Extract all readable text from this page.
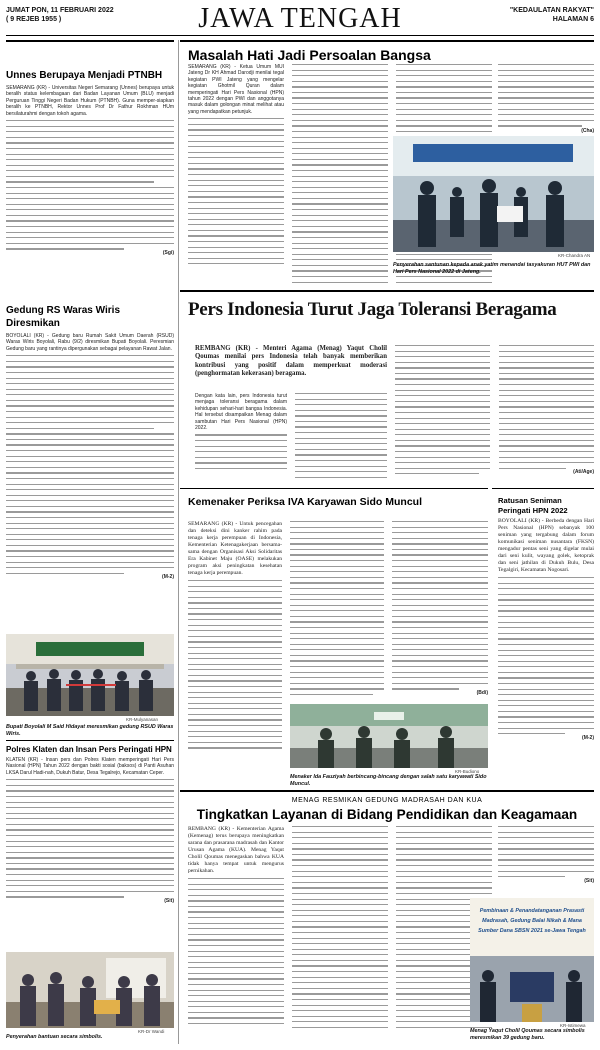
JUMAT PON, 11 FEBRUARI 2022
( 9 REJEB 1955 )	JAWA TENGAH	"KEDAULATAN RAKYAT"
HALAMAN 6
Unnes Berupaya Menjadi PTNBH
SEMARANG (KR) - Universitas Negeri Semarang (Unnes) berupaya untuk beralih status kelembagaan dari Badan Layanan Umum (BLU) menjadi Perguruan Tinggi Negeri Badan Hukum (PTNBH). Guna memper-siapkan beralih ke PTNBH, Rektor Unnes Prof Dr Fathur Rokhman HUm bersilaturahmi dengan tokoh agama.
(Sgi)
Gedung RS Waras Wiris Diresmikan
BOYOLALI (KR) - Gedung baru Rumah Sakit Umum Daerah (RSUD) Waras Wiris Boyolali, Rabu (9/2) diresmikan Bupati Boyolali. Peresmian Gedung baru yang rantinya dipergunakan sebagai pelayanan Rawat Jalan.
(M-2)
KR-Mulyanasan
Bupati Boyolali M Said Hidayat meresmikan gedung RSUD Waras Wiris.
Polres Klaten dan Insan Pers Peringati HPN
KLATEN (KR) - Insan pers dan Polres Klaten memperingati Hari Pers Nasional (HPN) Tahun 2022 dengan bakti sosial (baksos) di Panti Asuhan LKSA Darul Hadi-nah, Dukuh Batur, Desa Tegalrejo, Kecamatan Ceper.
(Sit)
KR-Dr Wandi
Penyerahan bantuan secara simbolis.
Masalah Hati Jadi Persoalan Bangsa
SEMARANG (KR) - Ketua Umum MUI Jateng Dr KH Ahmad Darodji menilai tegal kegiatan PWI Jateng yang mengelar kegiatan Ghotmil Quran dalam memperingati Hari Pers Nasional (HPN) tahun 2022 dengan PWI dan anggotanya masuk dalam golongan minat melihat atau yang mendapatkan petunjuk.
(Cha)
KR-Chandra AN
Penyerahan santunan kepada anak yatim menandai tasyakuran HUT PWI dan Hari Pers Nasional 2022 di Jateng.
Pers Indonesia Turut Jaga Toleransi Beragama
REMBANG (KR) - Menteri Agama (Menag) Yaqut Cholil Qoumas menilai pers Indonesia telah banyak memberikan kontribusi yang positif dalam memperkuat moderasi (penghormatan kekerasan) beragama.
Dengan kata lain, pers Indonesia turut menjaga toleransi beragama dalam kehidupan sehari-hari bangsa Indonesia. Hal tersebut disampaikan Menag dalam sambutan Hari Pers Nasional (HPN) 2022.
(Ati/Age)
Kemenaker Periksa IVA Karyawan Sido Muncul
SEMARANG (KR) - Untuk pencegahan dan deteksi dini kanker rahim pada tenaga kerja perempuan di Indonesia, Kementerian Ketenagakerjaan bersama-sama dengan Organisasi Aksi Solidaritas Era Kabinet Maju (OASE) melakukan program aksi peningkatan kesehatan tenaga kerja perempuan.
(Bdi)
KR-Budiono
Menaker Ida Fauziyah berbincang-bincang dengan salah satu karyawati Sido Muncul.
Ratusan Seniman Peringati HPN 2022
BOYOLALI (KR) - Berbeda dengan Hari Pers Nasional (HPN) sebanyak 100 seniman yang tergabung dalam forum komunikasi seniman nusantara (FKSN) mengadur pentas seni yang digelar mulai dari seni kulit, wayang golek, ketoprak dan seni jathilan di Dukuh Bulu, Desa Tegalgiri, Kecamatan Nogosari.
(M-2)
MENAG RESMIKAN GEDUNG MADRASAH DAN KUA
Tingkatkan Layanan di Bidang Pendidikan dan Keagamaan
REMBANG (KR) - Kementerian Agama (Kemenag) terus berupaya meningkatkan sarana dan prasarana madrasah dan Kantor Urusan Agama (KUA). Menag Yaqut Cholil Qoumas menegaskan bahwa KUA tidak hanya tempat untuk mengurus pernikahan.
(Sit)
Pembinaan & Penandatanganan Prasasti
Madrasah, Gedung Balai Nikah & Mana
Sumber Dana SBSN 2021 se-Jawa Tengah
KR-Istimewa
Menag Yaqut Cholil Qoumas secara simbolis meresmikan 39 gedung baru.
